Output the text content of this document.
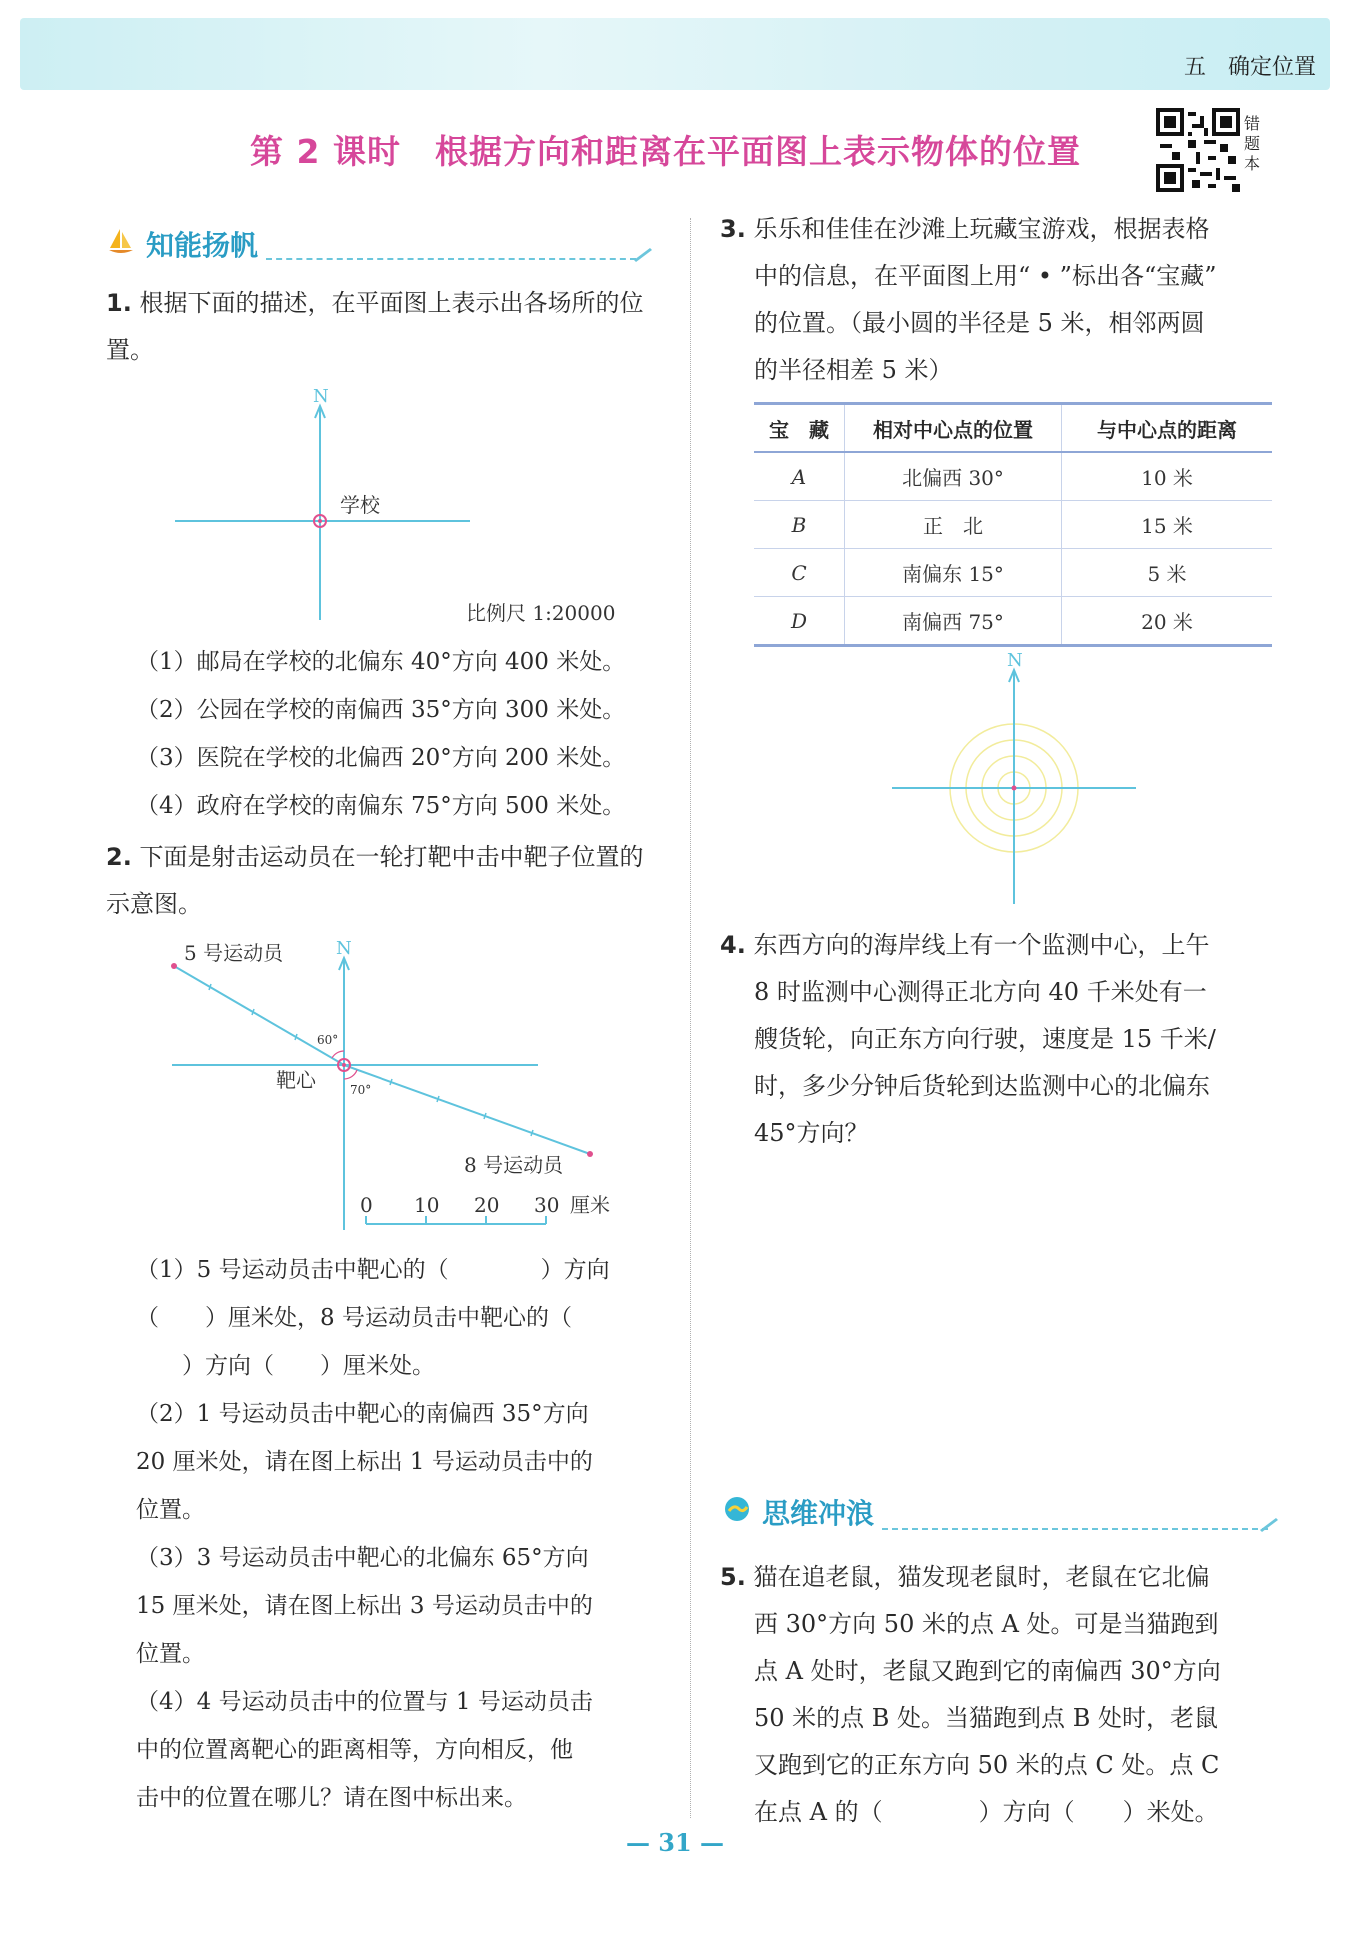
五 确定位置
第 2 课时 根据方向和距离在平面图上表示物体的位置
错题本
知能扬帆
1. 根据下面的描述，在平面图上表示出各场所的位置。
N
学校
比例尺 1:20000
（1）邮局在学校的北偏东 40°方向 400 米处。
（2）公园在学校的南偏西 35°方向 300 米处。
（3）医院在学校的北偏西 20°方向 200 米处。
（4）政府在学校的南偏东 75°方向 500 米处。
2. 下面是射击运动员在一轮打靶中击中靶子位置的示意图。
N
5 号运动员
8 号运动员
靶心
60°
70°
0 10 20 30 厘米
（1）5 号运动员击中靶心的（　　　　）方向
（　　）厘米处，8 号运动员击中靶心的（
　　）方向（　　）厘米处。
（2）1 号运动员击中靶心的南偏西 35°方向
20 厘米处，请在图上标出 1 号运动员击中的
位置。
（3）3 号运动员击中靶心的北偏东 65°方向
15 厘米处，请在图上标出 3 号运动员击中的
位置。
（4）4 号运动员击中的位置与 1 号运动员击
中的位置离靶心的距离相等，方向相反，他
击中的位置在哪儿？请在图中标出来。
3. 乐乐和佳佳在沙滩上玩藏宝游戏，根据表格
中的信息，在平面图上用“ • ”标出各“宝藏”
的位置。（最小圆的半径是 5 米，相邻两圆
的半径相差 5 米）
宝　藏	相对中心点的位置	与中心点的距离
A	北偏西 30°	10 米
B	正　北	15 米
C	南偏东 15°	5 米
D	南偏西 75°	20 米
N
4. 东西方向的海岸线上有一个监测中心，上午
8 时监测中心测得正北方向 40 千米处有一
艘货轮，向正东方向行驶，速度是 15 千米/
时，多少分钟后货轮到达监测中心的北偏东
45°方向？
思维冲浪
5. 猫在追老鼠，猫发现老鼠时，老鼠在它北偏
西 30°方向 50 米的点 A 处。可是当猫跑到
点 A 处时，老鼠又跑到它的南偏西 30°方向
50 米的点 B 处。当猫跑到点 B 处时，老鼠
又跑到它的正东方向 50 米的点 C 处。点 C
在点 A 的（　　　　）方向（　　）米处。
— 31 —
